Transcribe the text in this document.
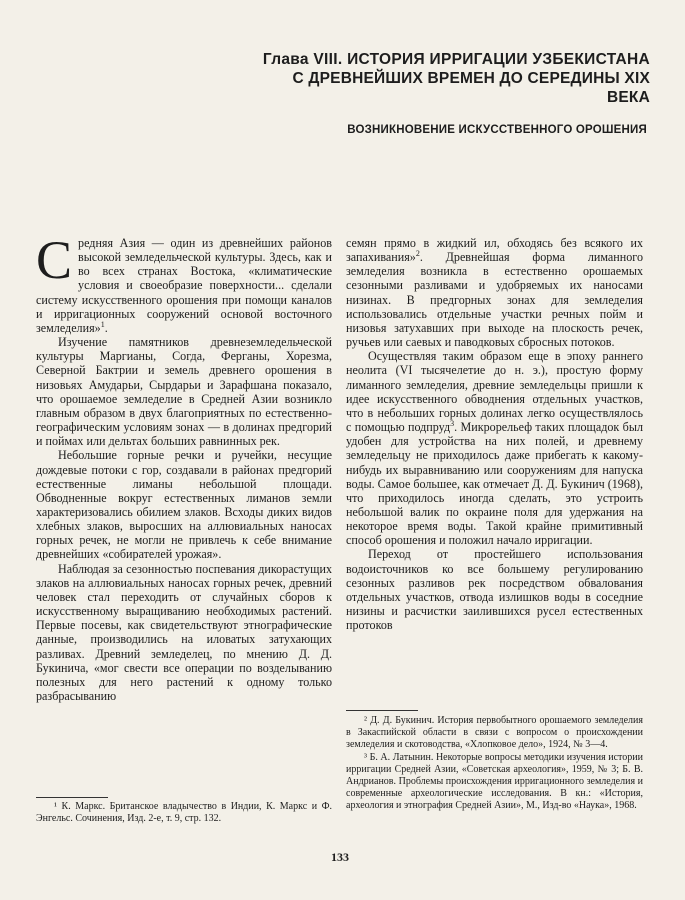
Глава VIII. ИСТОРИЯ ИРРИГАЦИИ УЗБЕКИСТАНА
С ДРЕВНЕЙШИХ ВРЕМЕН ДО СЕРЕДИНЫ XIX ВЕКА
ВОЗНИКНОВЕНИЕ ИСКУССТВЕННОГО ОРОШЕНИЯ

Средняя Азия — один из древнейших районов высокой земледельческой культуры. Здесь, как и во всех странах Востока, «климатические условия и своеобразие поверхности... сделали систему искусственного орошения при помощи каналов и ирригационных сооружений основой восточного земледелия»$^1$.

Изучение памятников древнеземледельческой культуры Маргианы, Согда, Ферганы, Хорезма, Северной Бактрии и земель древнего орошения в низовьях Амударьи, Сырдарьи и Зарафшана показало, что орошаемое земледелие в Средней Азии возникло главным образом в двух благоприятных по естественно-географическим условиям зонах — в долинах предгорий и поймах или дельтах больших равнинных рек.

Небольшие горные речки и ручейки, несущие дождевые потоки с гор, создавали в районах предгорий естественные лиманы небольшой площади. Обводненные вокруг естественных лиманов земли характеризовались обилием злаков. Всходы диких видов хлебных злаков, выросших на аллювиальных наносах горных речек, не могли не привлечь к себе внимание древнейших «собирателей урожая».

Наблюдая за сезонностью поспевания дикорастущих злаков на аллювиальных наносах горных речек, древний человек стал переходить от случайных сборов к искусственному выращиванию необходимых растений. Первые посевы, как свидетельствуют этнографические данные, производились на иловатых затухающих разливах. Древний земледелец, по мнению Д. Д. Букинича, «мог свести все операции по возделыванию полезных для него растений к одному только разбрасыванию

семян прямо в жидкий ил, обходясь без всякого их запахивания»$^2$. Древнейшая форма лиманного земледелия возникла в естественно орошаемых сезонными разливами и удобряемых их наносами низинах. В предгорных зонах для земледелия использовались отдельные участки речных пойм и низовья затухавших при выходе на плоскость речек, ручьев или саевых и паводковых сбросных потоков.

Осуществляя таким образом еще в эпоху раннего неолита (VI тысячелетие до н. э.), простую форму лиманного земледелия, древние земледельцы пришли к идее искусственного обводнения отдельных участков, что в небольших горных долинах легко осуществлялось с помощью подпруд$^3$. Микрорельеф таких площадок был удобен для устройства на них полей, и древнему земледельцу не приходилось даже прибегать к какому-нибудь их выравниванию или сооружениям для напуска воды. Самое большее, как отмечает Д. Д. Букинич (1968), что приходилось иногда сделать, это устроить небольшой валик по окраине поля для удержания на некоторое время воды. Такой крайне примитивный способ орошения и положил начало ирригации.

Переход от простейшего использования водоисточников ко все большему регулированию сезонных разливов рек посредством обвалования отдельных участков, отвода излишков воды в соседние низины и расчистки заилившихся русел естественных протоков

² Д. Д. Букинич. История первобытного орошаемого земледелия в Закаспийской области в связи с вопросом о происхождении земледелия и скотоводства, «Хлопковое дело», 1924, № 3—4.

³ Б. А. Латынин. Некоторые вопросы методики изучения истории ирригации Средней Азии, «Советская археология», 1959, № 3; Б. В. Андрианов. Проблемы происхождения ирригационного земледелия и современные археологические исследования. В кн.: «История, археология и этнография Средней Азии», М., Изд-во «Наука», 1968.

¹ К. Маркс. Британское владычество в Индии, К. Маркс и Ф. Энгельс. Сочинения, Изд. 2-е, т. 9, стр. 132.

133
